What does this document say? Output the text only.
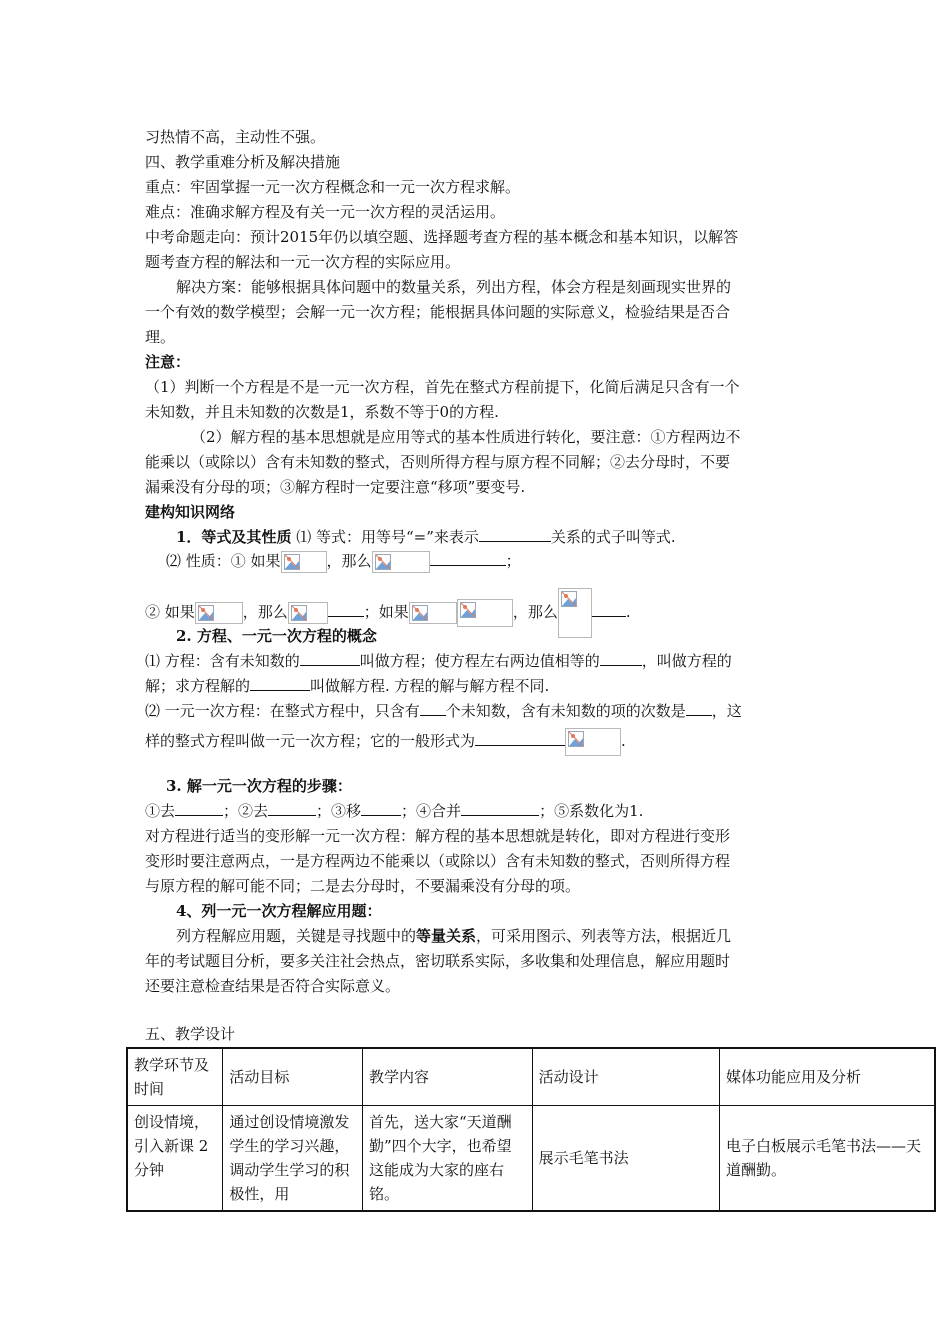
习热情不高，主动性不强。
四、教学重难分析及解决措施
重点：牢固掌握一元一次方程概念和一元一次方程求解。
难点：准确求解方程及有关一元一次方程的灵活运用。
中考命题走向：预计2015年仍以填空题、选择题考查方程的基本概念和基本知识，以解答
题考查方程的解法和一元一次方程的实际应用。
解决方案：能够根据具体问题中的数量关系，列出方程，体会方程是刻画现实世界的
一个有效的数学模型；会解一元一次方程；能根据具体问题的实际意义，检验结果是否合
理。
注意：
（1）判断一个方程是不是一元一次方程，首先在整式方程前提下，化简后满足只含有一个
未知数，并且未知数的次数是1，系数不等于0的方程.
（2）解方程的基本思想就是应用等式的基本性质进行转化，要注意：①方程两边不
能乘以（或除以）含有未知数的整式，否则所得方程与原方程不同解；②去分母时，不要
漏乘没有分母的项；③解方程时一定要注意“移项”要变号.
建构知识网络
1．等式及其性质 ⑴ 等式：用等号“=”来表示	关系的式子叫等式.
⑵ 性质：① 如果	，那么	；
② 如果	，那么	；如果	，那么	.
2. 方程、一元一次方程的概念
⑴ 方程：含有未知数的	叫做方程；使方程左右两边值相等的	，叫做方程的
解；求方程解的	叫做解方程. 方程的解与解方程不同.
⑵ 一元一次方程：在整式方程中，只含有 个未知数，含有未知数的项的次数是 ，这
样的整式方程叫做一元一次方程；它的一般形式为	.
3. 解一元一次方程的步骤：
①去	；②去	；③移	；④合并	；⑤系数化为1.
对方程进行适当的变形解一元一次方程：解方程的基本思想就是转化，即对方程进行变形
变形时要注意两点，一是方程两边不能乘以（或除以）含有未知数的整式，否则所得方程
与原方程的解可能不同；二是去分母时，不要漏乘没有分母的项。
4、列一元一次方程解应用题：
列方程解应用题，关键是寻找题中的等量关系，可采用图示、列表等方法，根据近几
年的考试题目分析，要多关注社会热点，密切联系实际，多收集和处理信息，解应用题时
还要注意检查结果是否符合实际意义。
五、教学设计
教学环节及时间	活动目标	教学内容	活动设计	媒体功能应用及分析
创设情境，引入新课 2分钟	通过创设情境激发学生的学习兴趣，调动学生学习的积极性，用	首先，送大家“天道酬勤”四个大字，也希望这能成为大家的座右铭。	展示毛笔书法	电子白板展示毛笔书法——天道酬勤。
